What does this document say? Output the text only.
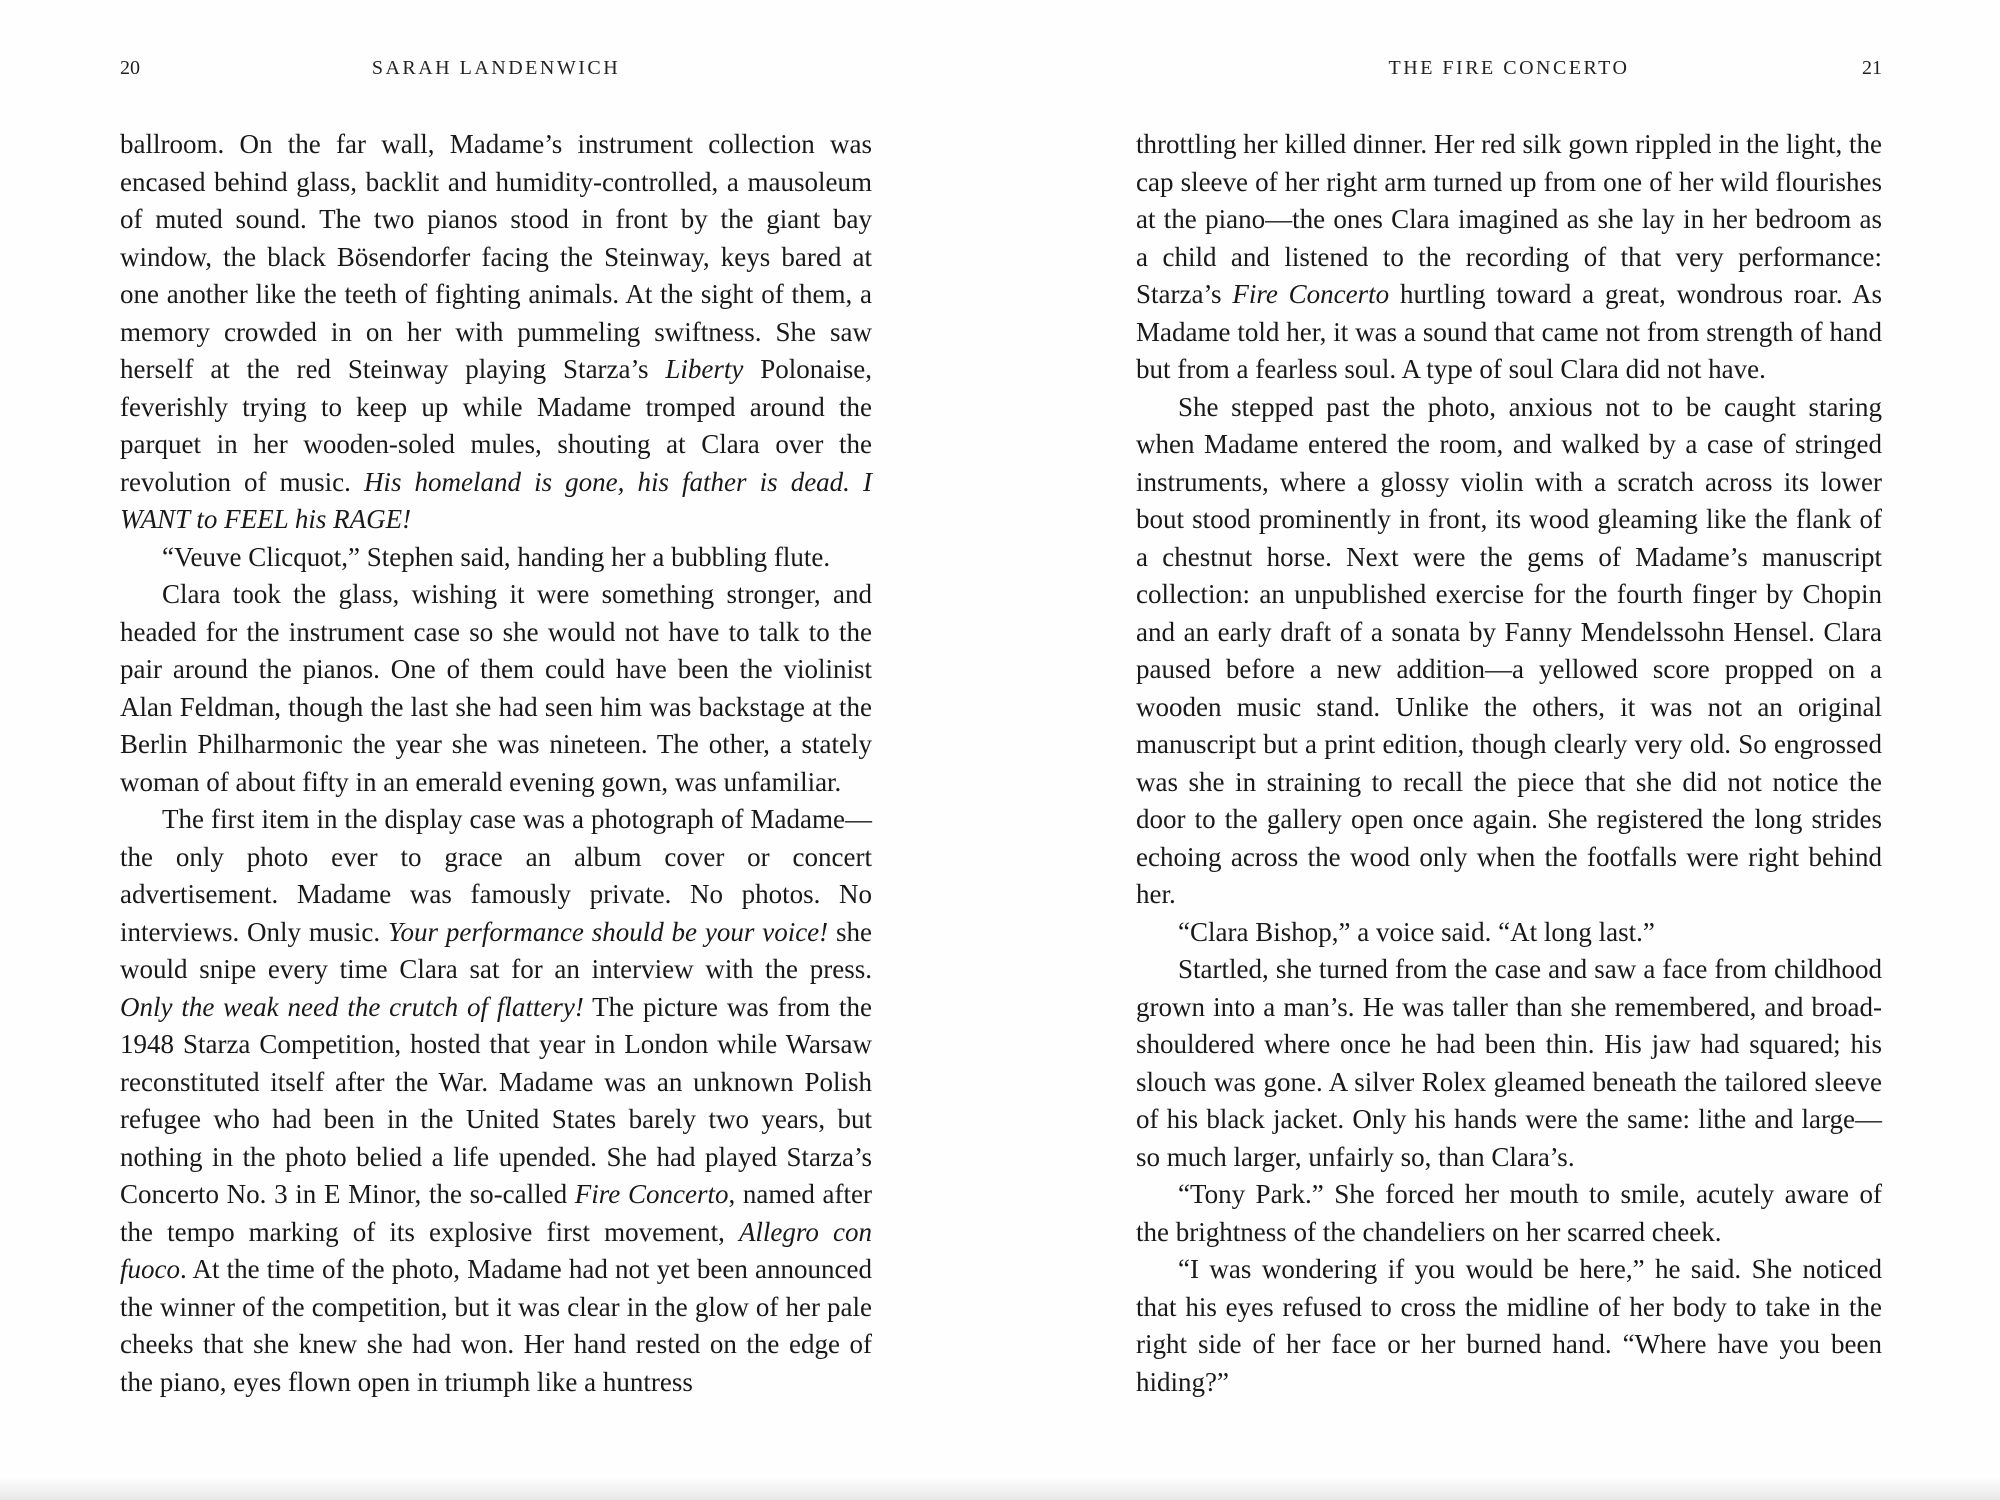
20	SARAH LANDENWICH

ballroom. On the far wall, Madame’s instrument collection was encased behind glass, backlit and humidity-controlled, a mausoleum of muted sound. The two pianos stood in front by the giant bay window, the black Bösendorfer facing the Steinway, keys bared at one another like the teeth of fighting animals. At the sight of them, a memory crowded in on her with pummeling swiftness. She saw herself at the red Steinway playing Starza’s Liberty Polonaise, feverishly trying to keep up while Madame tromped around the parquet in her wooden-soled mules, shouting at Clara over the revolution of music. His homeland is gone, his father is dead. I WANT to FEEL his RAGE!

“Veuve Clicquot,” Stephen said, handing her a bubbling flute.

Clara took the glass, wishing it were something stronger, and headed for the instrument case so she would not have to talk to the pair around the pianos. One of them could have been the violinist Alan Feldman, though the last she had seen him was backstage at the Berlin Philharmonic the year she was nineteen. The other, a stately woman of about fifty in an emerald evening gown, was unfamiliar.

The first item in the display case was a photograph of Madame—the only photo ever to grace an album cover or concert advertisement. Madame was famously private. No photos. No interviews. Only music. Your performance should be your voice! she would snipe every time Clara sat for an interview with the press. Only the weak need the crutch of flattery! The picture was from the 1948 Starza Competition, hosted that year in London while Warsaw reconstituted itself after the War. Madame was an unknown Polish refugee who had been in the United States barely two years, but nothing in the photo belied a life upended. She had played Starza’s Concerto No. 3 in E Minor, the so-called Fire Concerto, named after the tempo marking of its explosive first movement, Allegro con fuoco. At the time of the photo, Madame had not yet been announced the winner of the competition, but it was clear in the glow of her pale cheeks that she knew she had won. Her hand rested on the edge of the piano, eyes flown open in triumph like a huntress

THE FIRE CONCERTO	21

throttling her killed dinner. Her red silk gown rippled in the light, the cap sleeve of her right arm turned up from one of her wild flourishes at the piano—the ones Clara imagined as she lay in her bedroom as a child and listened to the recording of that very performance: Starza’s Fire Concerto hurtling toward a great, wondrous roar. As Madame told her, it was a sound that came not from strength of hand but from a fearless soul. A type of soul Clara did not have.

She stepped past the photo, anxious not to be caught staring when Madame entered the room, and walked by a case of stringed instruments, where a glossy violin with a scratch across its lower bout stood prominently in front, its wood gleaming like the flank of a chestnut horse. Next were the gems of Madame’s manuscript collection: an unpublished exercise for the fourth finger by Chopin and an early draft of a sonata by Fanny Mendelssohn Hensel. Clara paused before a new addition—a yellowed score propped on a wooden music stand. Unlike the others, it was not an original manuscript but a print edition, though clearly very old. So engrossed was she in straining to recall the piece that she did not notice the door to the gallery open once again. She registered the long strides echoing across the wood only when the footfalls were right behind her.

“Clara Bishop,” a voice said. “At long last.”

Startled, she turned from the case and saw a face from childhood grown into a man’s. He was taller than she remembered, and broad-shouldered where once he had been thin. His jaw had squared; his slouch was gone. A silver Rolex gleamed beneath the tailored sleeve of his black jacket. Only his hands were the same: lithe and large—so much larger, unfairly so, than Clara’s.

“Tony Park.” She forced her mouth to smile, acutely aware of the brightness of the chandeliers on her scarred cheek.

“I was wondering if you would be here,” he said. She noticed that his eyes refused to cross the midline of her body to take in the right side of her face or her burned hand. “Where have you been hiding?”
